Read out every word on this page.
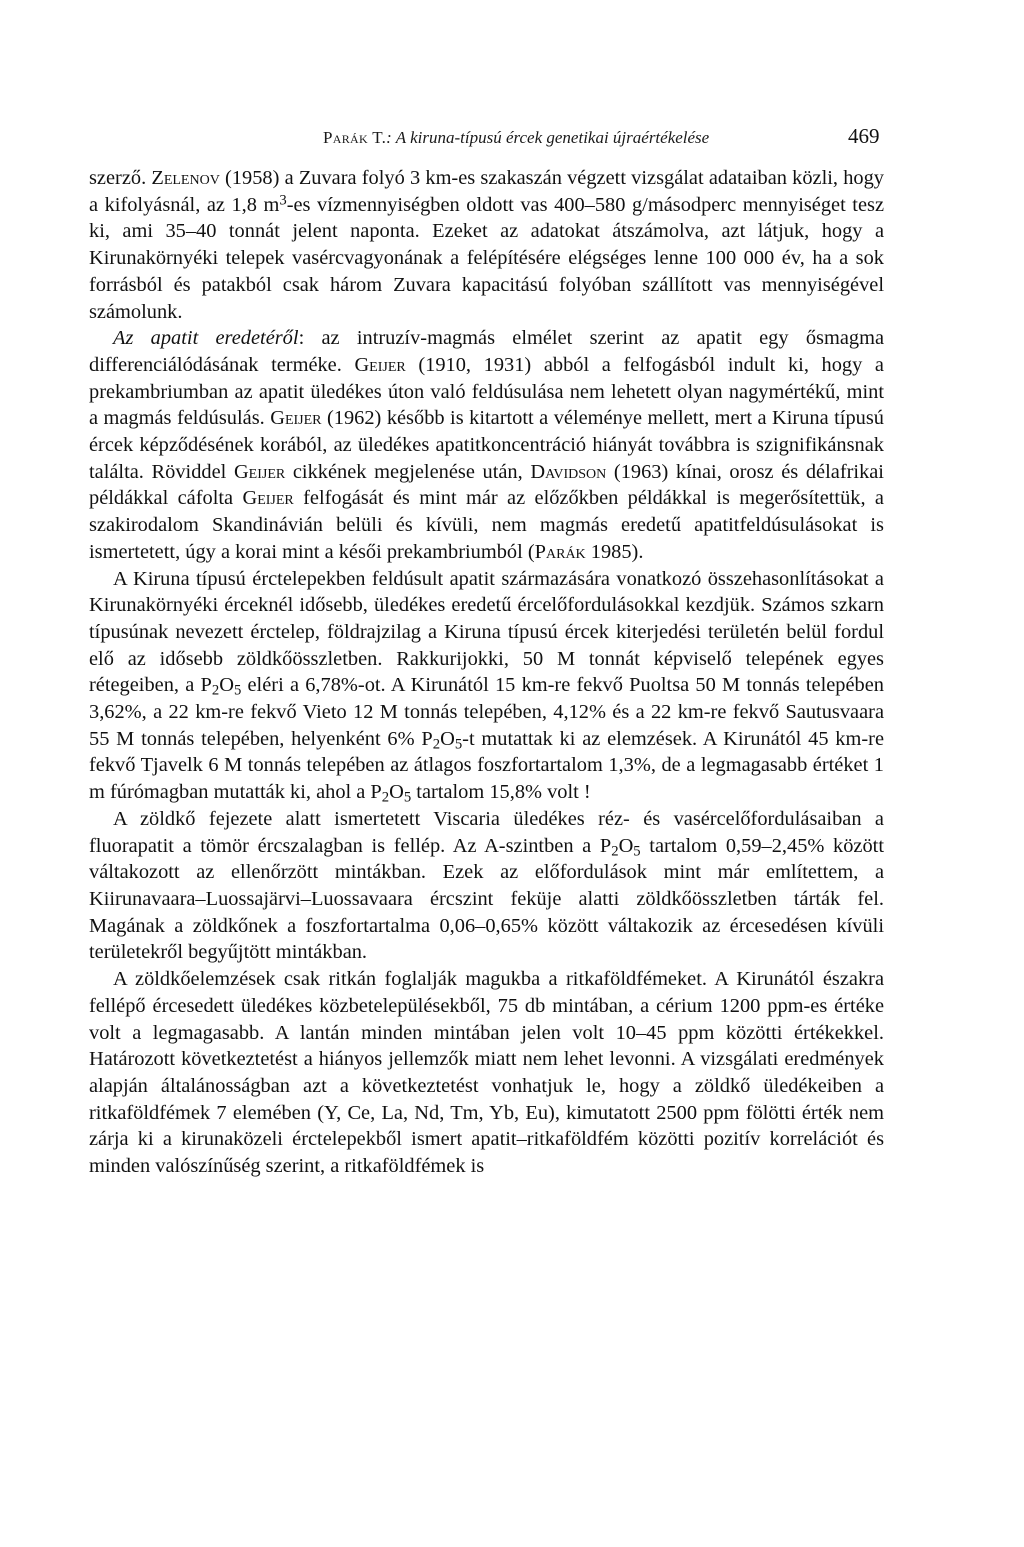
Parák T.: A kiruna-típusú ércek genetikai újraértékelése	469

szerző. Zelenov (1958) a Zuvara folyó 3 km-es szakaszán végzett vizsgálat adataiban közli, hogy a kifolyásnál, az 1,8 $m^3-es$ vízmennyiségben oldott vas 400–580 g/másodperc mennyiséget tesz ki, ami 35–40 tonnát jelent naponta. Ezeket az adatokat átszámolva, azt látjuk, hogy a Kirunakörnyéki telepek vasércvagyonának a felépítésére elégséges lenne 100 000 év, ha a sok forrásból és patakból csak három Zuvara kapacitású folyóban szállított vas mennyiségével számolunk.

Az apatit eredetéről: az intruzív-magmás elmélet szerint az apatit egy ősmagma differenciálódásának terméke. Geijer (1910, 1931) abból a felfogásból indult ki, hogy a prekambriumban az apatit üledékes úton való feldúsulása nem lehetett olyan nagymértékű, mint a magmás feldúsulás. Geijer (1962) később is kitartott a véleménye mellett, mert a Kiruna típusú ércek képződésének korából, az üledékes apatitkoncentráció hiányát továbbra is szignifikánsnak találta. Röviddel Geijer cikkének megjelenése után, Davidson (1963) kínai, orosz és délafrikai példákkal cáfolta Geijer felfogását és mint már az előzőkben példákkal is megerősítettük, a szakirodalom Skandinávián belüli és kívüli, nem magmás eredetű apatitfeldúsulásokat is ismertetett, úgy a korai mint a késői prekambriumból (Parák 1985).

A Kiruna típusú érctelepekben feldúsult apatit származására vonatkozó összehasonlításokat a Kirunakörnyéki érceknél idősebb, üledékes eredetű ércelőfordulásokkal kezdjük. Számos szkarn típusúnak nevezett érctelep, földrajzilag a Kiruna típusú ércek kiterjedési területén belül fordul elő az idősebb zöldkőösszletben. Rakkurijokki, 50 M tonnát képviselő telepének egyes rétegeiben, a $P_2O_5$ eléri a 6,78%-ot. A Kirunától 15 km-re fekvő Puoltsa 50 M tonnás telepében 3,62%, a 22 km-re fekvő Vieto 12 M tonnás telepében, 4,12% és a 22 km-re fekvő Sautusvaara 55 M tonnás telepében, helyenként 6% $P_2O_5-t$ mutattak ki az elemzések. A Kirunától 45 km-re fekvő Tjavelk 6 M tonnás telepében az átlagos foszfortartalom 1,3%, de a legmagasabb értéket 1 m fúrómagban mutatták ki, ahol a $P_2O_5$ tartalom 15,8% volt !

A zöldkő fejezete alatt ismertetett Viscaria üledékes réz- és vasércelőfordulásaiban a fluorapatit a tömör ércszalagban is fellép. Az A-szintben a $P_2O_5$ tartalom 0,59–2,45% között váltakozott az ellenőrzött mintákban. Ezek az előfordulások mint már említettem, a Kiirunavaara–Luossajärvi–Luossavaara ércszint feküje alatti zöldkőösszletben tárták fel. Magának a zöldkőnek a foszfortartalma 0,06–0,65% között váltakozik az ércesedésen kívüli területekről begyűjtött mintákban.

A zöldkőelemzések csak ritkán foglalják magukba a ritkaföldfémeket. A Kirunától északra fellépő ércesedett üledékes közbetelepülésekből, 75 db mintában, a cérium 1200 ppm-es értéke volt a legmagasabb. A lantán minden mintában jelen volt 10–45 ppm közötti értékekkel. Határozott következtetést a hiányos jellemzők miatt nem lehet levonni. A vizsgálati eredmények alapján általánosságban azt a következtetést vonhatjuk le, hogy a zöldkő üledékeiben a ritkaföldfémek 7 elemében (Y, Ce, La, Nd, Tm, Yb, Eu), kimutatott 2500 ppm fölötti érték nem zárja ki a kirunaközeli érctelepekből ismert apatit–ritkaföldfém közötti pozitív korrelációt és minden valószínűség szerint, a ritkaföldfémek is
